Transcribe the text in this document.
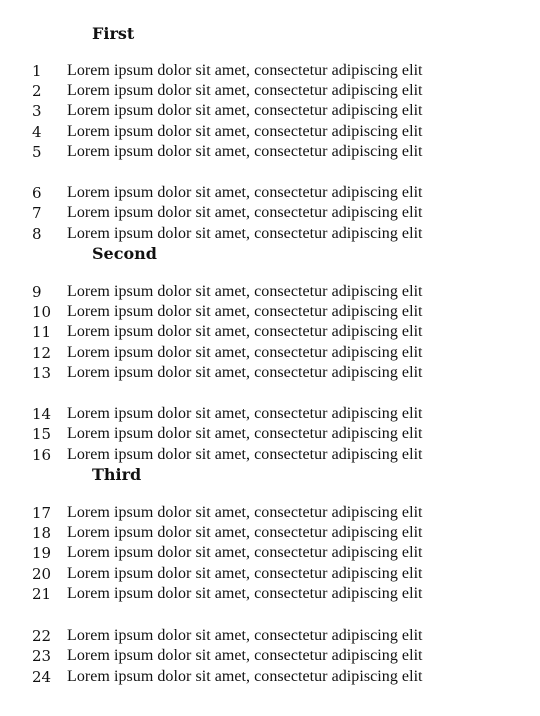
First
1	Lorem ipsum dolor sit amet, consectetur adipiscing elit
2	Lorem ipsum dolor sit amet, consectetur adipiscing elit
3	Lorem ipsum dolor sit amet, consectetur adipiscing elit
4	Lorem ipsum dolor sit amet, consectetur adipiscing elit
5	Lorem ipsum dolor sit amet, consectetur adipiscing elit
6	Lorem ipsum dolor sit amet, consectetur adipiscing elit
7	Lorem ipsum dolor sit amet, consectetur adipiscing elit
8	Lorem ipsum dolor sit amet, consectetur adipiscing elit
Second
9	Lorem ipsum dolor sit amet, consectetur adipiscing elit
10 Lorem ipsum dolor sit amet, consectetur adipiscing elit
11 Lorem ipsum dolor sit amet, consectetur adipiscing elit
12 Lorem ipsum dolor sit amet, consectetur adipiscing elit
13 Lorem ipsum dolor sit amet, consectetur adipiscing elit
14 Lorem ipsum dolor sit amet, consectetur adipiscing elit
15 Lorem ipsum dolor sit amet, consectetur adipiscing elit
16 Lorem ipsum dolor sit amet, consectetur adipiscing elit
Third
17 Lorem ipsum dolor sit amet, consectetur adipiscing elit
18 Lorem ipsum dolor sit amet, consectetur adipiscing elit
19 Lorem ipsum dolor sit amet, consectetur adipiscing elit
20 Lorem ipsum dolor sit amet, consectetur adipiscing elit
21 Lorem ipsum dolor sit amet, consectetur adipiscing elit
22 Lorem ipsum dolor sit amet, consectetur adipiscing elit
23 Lorem ipsum dolor sit amet, consectetur adipiscing elit
24 Lorem ipsum dolor sit amet, consectetur adipiscing elit
